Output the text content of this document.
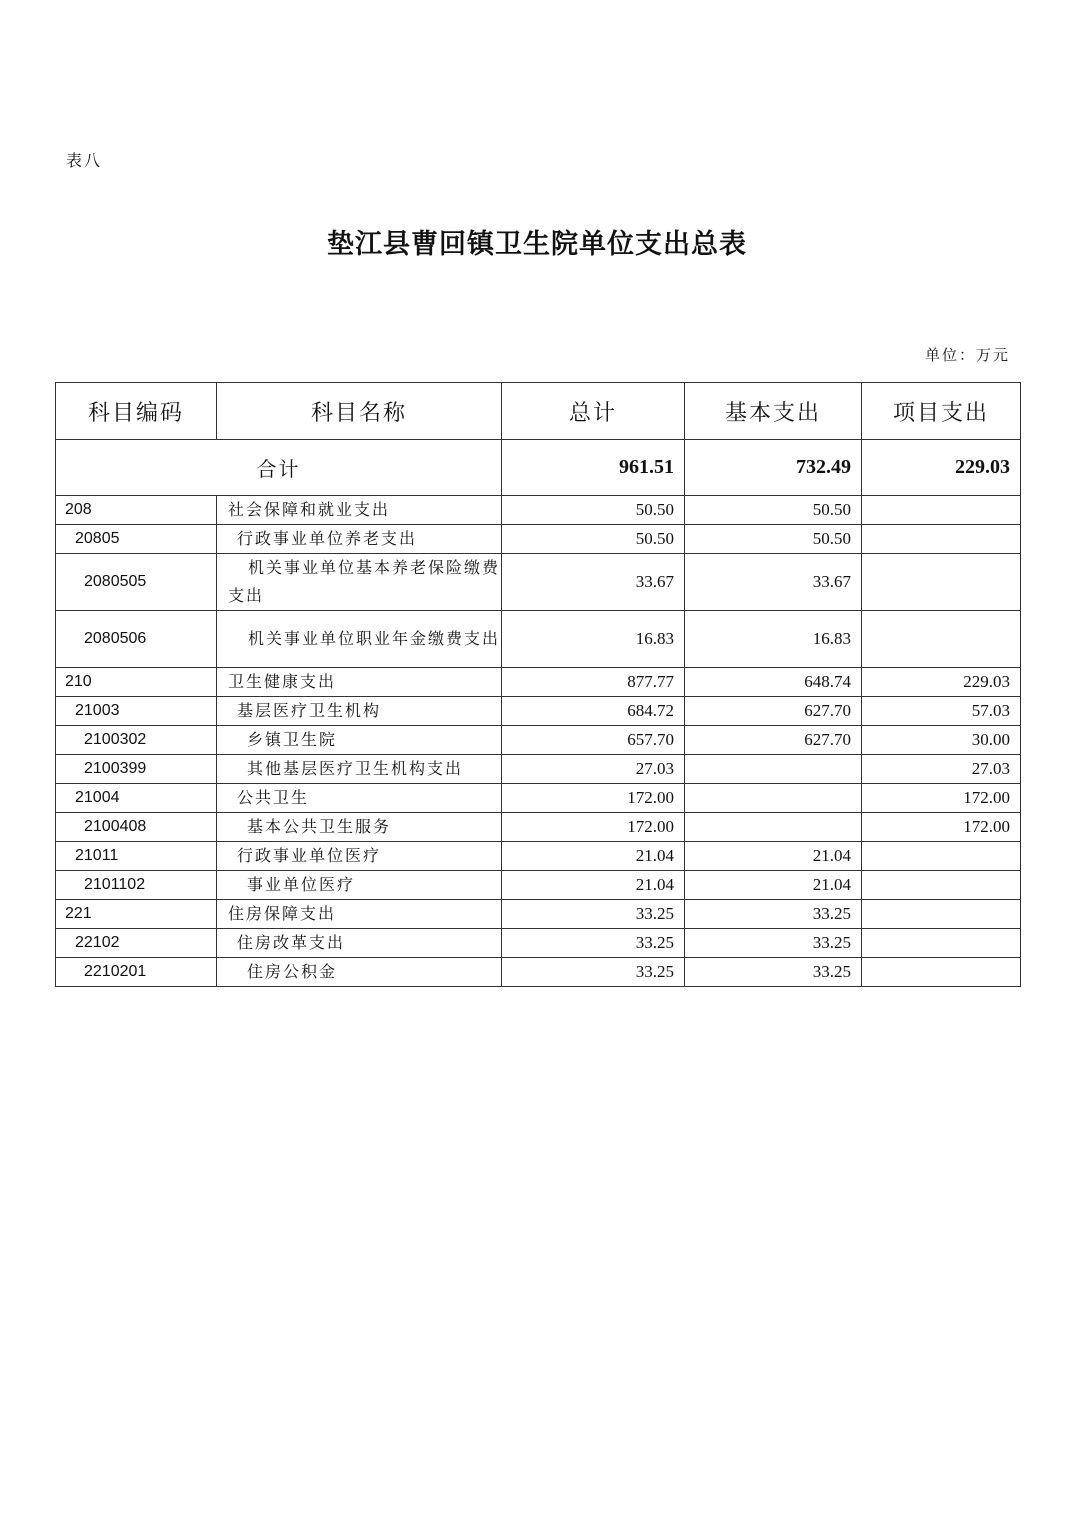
表八
垫江县曹回镇卫生院单位支出总表
单位：万元
科目编码	科目名称	总计	基本支出	项目支出
合计		961.51	732.49	229.03
208	社会保障和就业支出	50.50	50.50	
20805	行政事业单位养老支出	50.50	50.50	
2080505	机关事业单位基本养老保险缴费支出	33.67	33.67	
2080506	机关事业单位职业年金缴费支出	16.83	16.83	
210	卫生健康支出	877.77	648.74	229.03
21003	基层医疗卫生机构	684.72	627.70	57.03
2100302	乡镇卫生院	657.70	627.70	30.00
2100399	其他基层医疗卫生机构支出	27.03		27.03
21004	公共卫生	172.00		172.00
2100408	基本公共卫生服务	172.00		172.00
21011	行政事业单位医疗	21.04	21.04	
2101102	事业单位医疗	21.04	21.04	
221	住房保障支出	33.25	33.25	
22102	住房改革支出	33.25	33.25	
2210201	住房公积金	33.25	33.25	
